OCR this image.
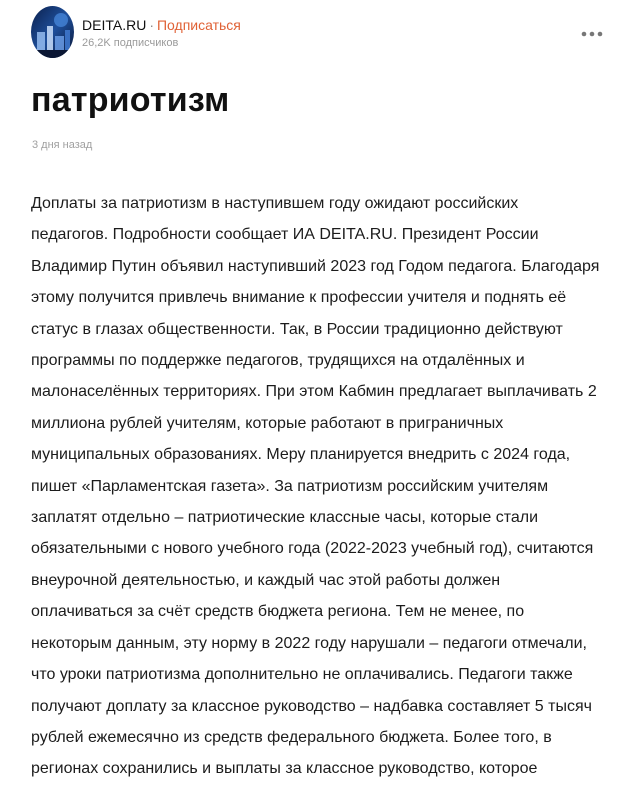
DEITA.RU · Подписаться
26,2K подписчиков
патриотизм
3 дня назад

Доплаты за патриотизм в наступившем году ожидают российских
педагогов. Подробности сообщает ИА DEITA.RU. Президент России
Владимир Путин объявил наступивший 2023 год Годом педагога. Благодаря
этому получится привлечь внимание к профессии учителя и поднять её
статус в глазах общественности. Так, в России традиционно действуют
программы по поддержке педагогов, трудящихся на отдалённых и
малонаселённых территориях. При этом Кабмин предлагает выплачивать 2
миллиона рублей учителям, которые работают в приграничных
муниципальных образованиях. Меру планируется внедрить с 2024 года,
пишет «Парламентская газета». За патриотизм российским учителям
заплатят отдельно – патриотические классные часы, которые стали
обязательными с нового учебного года (2022-2023 учебный год), считаются
внеурочной деятельностью, и каждый час этой работы должен
оплачиваться за счёт средств бюджета региона. Тем не менее, по
некоторым данным, эту норму в 2022 году нарушали – педагоги отмечали,
что уроки патриотизма дополнительно не оплачивались. Педагоги также
получают доплату за классное руководство – надбавка составляет 5 тысяч
рублей ежемесячно из средств федерального бюджета. Более того, в
регионах сохранились и выплаты за классное руководство, которое
